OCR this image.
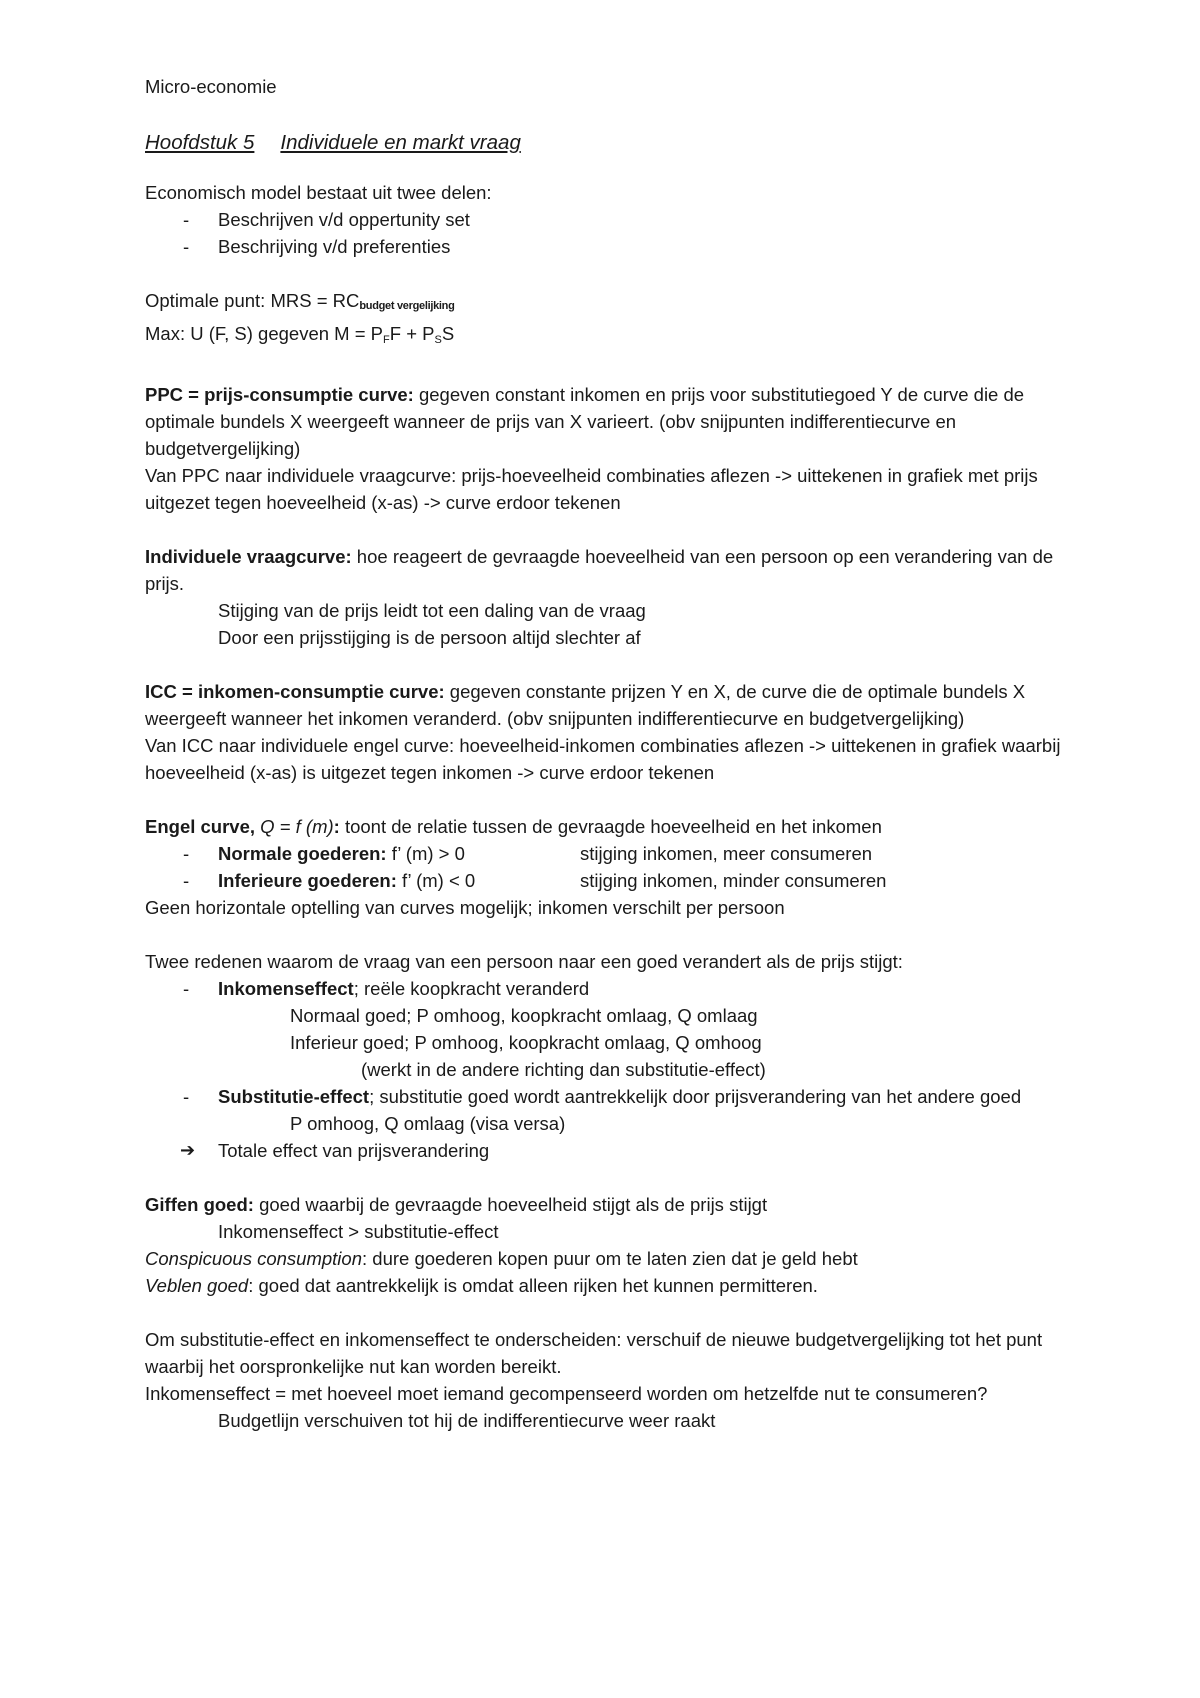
Micro-economie

Hoofdstuk 5 Individuele en markt vraag

Economisch model bestaat uit twee delen:

- Beschrijven v/d oppertunity set

- Beschrijving v/d preferenties

Optimale punt: MRS = $RC_{budget vergelijking}$

Max: U (F, S) gegeven $M = P_FF + P_SS$

PPC = prijs-consumptie curve: gegeven constant inkomen en prijs voor substitutiegoed Y de curve die de optimale bundels X weergeeft wanneer de prijs van X varieert. (obv snijpunten indifferentiecurve en budgetvergelijking)

Van PPC naar individuele vraagcurve: prijs-hoeveelheid combinaties aflezen -> uittekenen in grafiek met prijs uitgezet tegen hoeveelheid (x-as) -> curve erdoor tekenen

Individuele vraagcurve: hoe reageert de gevraagde hoeveelheid van een persoon op een verandering van de prijs.

Stijging van de prijs leidt tot een daling van de vraag

Door een prijsstijging is de persoon altijd slechter af

ICC = inkomen-consumptie curve: gegeven constante prijzen Y en X, de curve die de optimale bundels X weergeeft wanneer het inkomen veranderd. (obv snijpunten indifferentiecurve en budgetvergelijking)

Van ICC naar individuele engel curve: hoeveelheid-inkomen combinaties aflezen -> uittekenen in grafiek waarbij hoeveelheid (x-as) is uitgezet tegen inkomen -> curve erdoor tekenen

Engel curve, Q = f (m): toont de relatie tussen de gevraagde hoeveelheid en het inkomen

- Normale goederen: f’ (m) > 0	stijging inkomen, meer consumeren

- Inferieure goederen: f’ (m) < 0	stijging inkomen, minder consumeren

Geen horizontale optelling van curves mogelijk; inkomen verschilt per persoon

Twee redenen waarom de vraag van een persoon naar een goed verandert als de prijs stijgt:

- Inkomenseffect; reële koopkracht veranderd

Normaal goed; P omhoog, koopkracht omlaag, Q omlaag

Inferieur goed; P omhoog, koopkracht omlaag, Q omhoog

(werkt in de andere richting dan substitutie-effect)

- Substitutie-effect; substitutie goed wordt aantrekkelijk door prijsverandering van het andere goed

P omhoog, Q omlaag (visa versa)

➔ Totale effect van prijsverandering

Giffen goed: goed waarbij de gevraagde hoeveelheid stijgt als de prijs stijgt

Inkomenseffect > substitutie-effect

Conspicuous consumption: dure goederen kopen puur om te laten zien dat je geld hebt

Veblen goed: goed dat aantrekkelijk is omdat alleen rijken het kunnen permitteren.

Om substitutie-effect en inkomenseffect te onderscheiden: verschuif de nieuwe budgetvergelijking tot het punt waarbij het oorspronkelijke nut kan worden bereikt.

Inkomenseffect = met hoeveel moet iemand gecompenseerd worden om hetzelfde nut te consumeren?

Budgetlijn verschuiven tot hij de indifferentiecurve weer raakt
